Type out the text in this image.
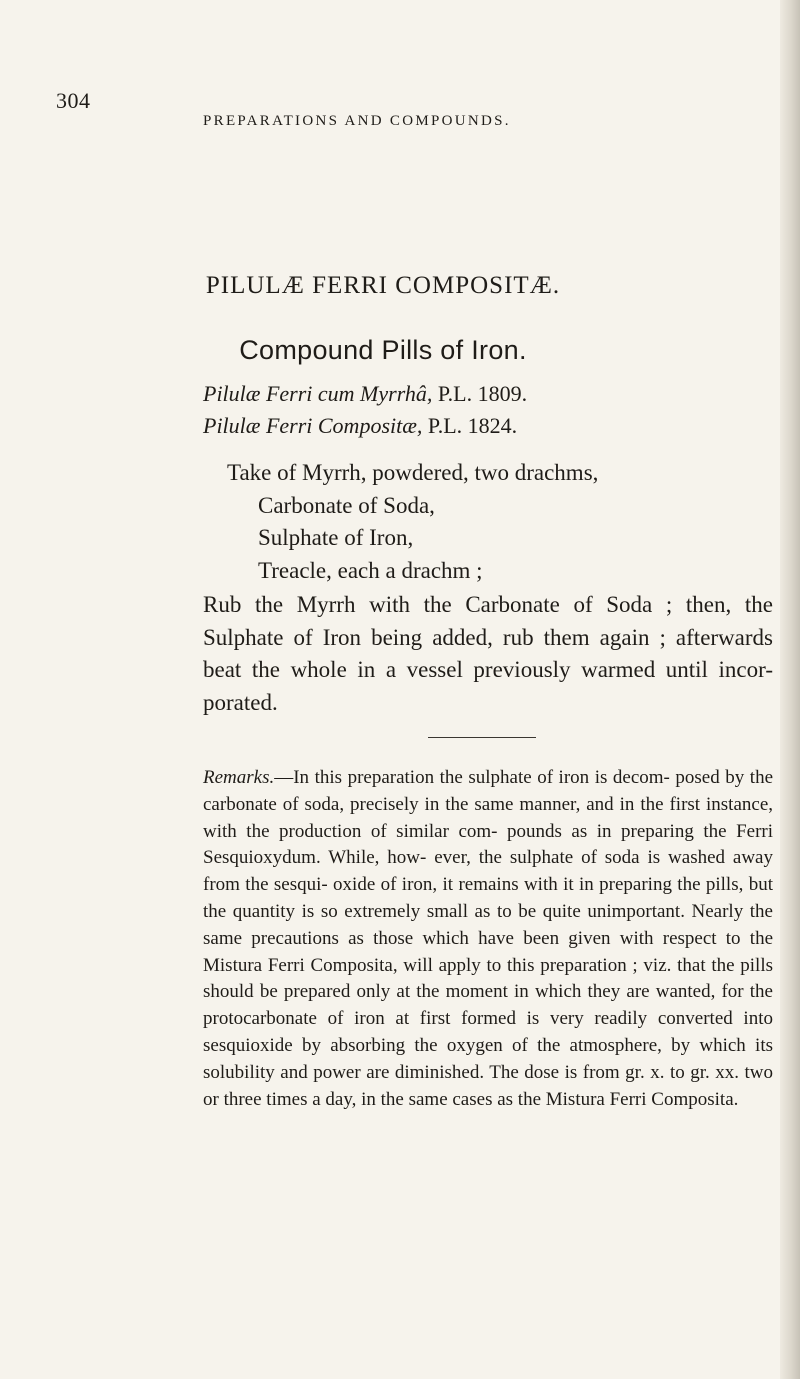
304
PREPARATIONS AND COMPOUNDS.
PILULÆ FERRI COMPOSITÆ.
Compound Pills of Iron.
Pilulæ Ferri cum Myrrhâ, P.L. 1809.
Pilulæ Ferri Compositæ, P.L. 1824.
Take of Myrrh, powdered, two drachms,
Carbonate of Soda,
Sulphate of Iron,
Treacle, each a drachm ;
Rub the Myrrh with the Carbonate of Soda ; then, the Sulphate of Iron being added, rub them again ; afterwards beat the whole in a vessel previously warmed until incor- porated.
Remarks.—In this preparation the sulphate of iron is decom- posed by the carbonate of soda, precisely in the same manner, and in the first instance, with the production of similar com- pounds as in preparing the Ferri Sesquioxydum. While, how- ever, the sulphate of soda is washed away from the sesqui- oxide of iron, it remains with it in preparing the pills, but the quantity is so extremely small as to be quite unimportant. Nearly the same precautions as those which have been given with respect to the Mistura Ferri Composita, will apply to this preparation ; viz. that the pills should be prepared only at the moment in which they are wanted, for the protocarbonate of iron at first formed is very readily converted into sesquioxide by absorbing the oxygen of the atmosphere, by which its solubility and power are diminished. The dose is from gr. x. to gr. xx. two or three times a day, in the same cases as the Mistura Ferri Composita.
